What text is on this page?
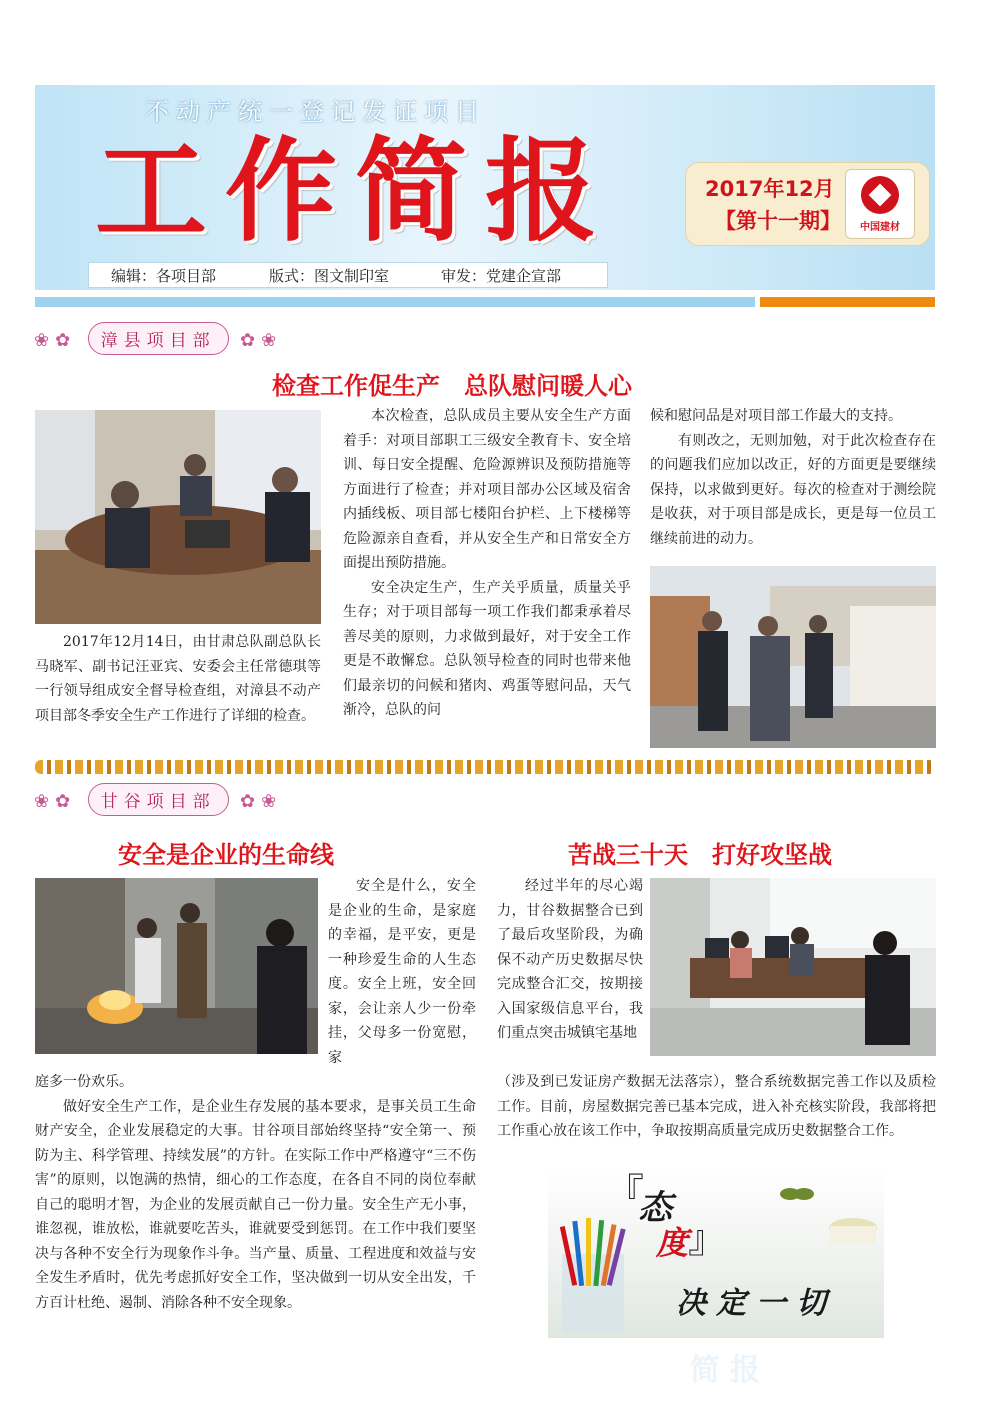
不动产统一登记发证项目
工作简报	2017年12月
【第十一期】	中国建材
编辑：各项目部	版式：图文制印室	审发：党建企宣部
❀✿ 漳县项目部 ✿❀
检查工作促生产　总队慰问暖人心

2017年12月14日，由甘肃总队副总队长马晓军、副书记汪亚宾、安委会主任常德琪等一行领导组成安全督导检查组，对漳县不动产项目部冬季安全生产工作进行了详细的检查。

本次检查，总队成员主要从安全生产方面着手：对项目部职工三级安全教育卡、安全培训、每日安全提醒、危险源辨识及预防措施等方面进行了检查；并对项目部办公区域及宿舍内插线板、项目部七楼阳台护栏、上下楼梯等危险源亲自查看，并从安全生产和日常安全方面提出预防措施。

安全决定生产，生产关乎质量，质量关乎生存；对于项目部每一项工作我们都秉承着尽善尽美的原则，力求做到最好，对于安全工作更是不敢懈怠。总队领导检查的同时也带来他们最亲切的问候和猪肉、鸡蛋等慰问品，天气渐冷，总队的问

候和慰问品是对项目部工作最大的支持。

有则改之，无则加勉，对于此次检查存在的问题我们应加以改正，好的方面更是要继续保持，以求做到更好。每次的检查对于测绘院是收获，对于项目部是成长，更是每一位员工继续前进的动力。

❀✿ 甘谷项目部 ✿❀
安全是企业的生命线	苦战三十天　打好攻坚战

安全是什么，安全是企业的生命，是家庭的幸福，是平安，更是一种珍爱生命的人生态度。安全上班，安全回家，会让亲人少一份牵挂，父母多一份宽慰，家

庭多一份欢乐。

做好安全生产工作，是企业生存发展的基本要求，是事关员工生命财产安全，企业发展稳定的大事。甘谷项目部始终坚持“安全第一、预防为主、科学管理、持续发展”的方针。在实际工作中严格遵守“三不伤害”的原则，以饱满的热情，细心的工作态度，在各自不同的岗位奉献自己的聪明才智，为企业的发展贡献自己一份力量。安全生产无小事，谁忽视，谁放松，谁就要吃苦头，谁就要受到惩罚。在工作中我们要坚决与各种不安全行为现象作斗争。当产量、质量、工程进度和效益与安全发生矛盾时，优先考虑抓好安全工作，坚决做到一切从安全出发，千方百计杜绝、遏制、消除各种不安全现象。

经过半年的尽心竭力，甘谷数据整合已到了最后攻坚阶段，为确保不动产历史数据尽快完成整合汇交，按期接入国家级信息平台，我们重点突击城镇宅基地

（涉及到已发证房产数据无法落宗），整合系统数据完善工作以及质检工作。目前，房屋数据完善已基本完成，进入补充核实阶段，我部将把工作重心放在该工作中，争取按期高质量完成历史数据整合工作。

『
』
态
度
决定一切
简报
